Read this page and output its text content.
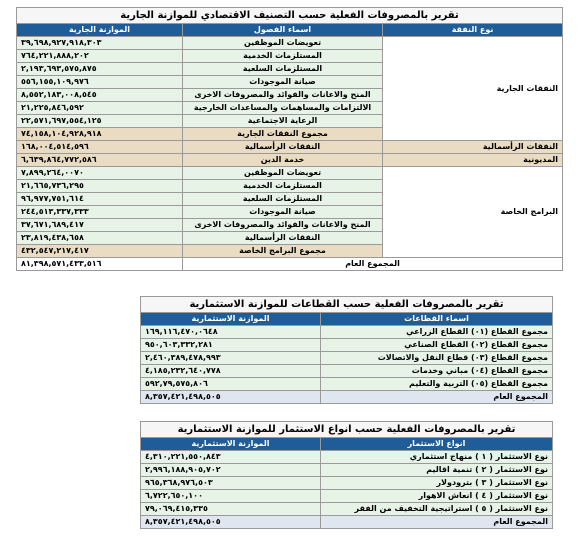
تقرير بالمصروفات الفعلية حسب التصنيف الاقتصادي للموازنة الجارية		
نوع النفقة	اسماء الفصول	الموازنة الجارية
النفقات الجارية	تعويضات الموظفين	٣٩,٦٩٨,٩٢٧,٩١٨,٣٠٣
	المستلزمات الخدمية	٧٦٤,٢٢١,٨٨٨,٢٠٢
	المستلزمات السلعية	٢,١٩٣,٦٩٣,٥٧٥,٨٧٥
	صيانة الموجودات	٥٥٦,١٥٥,١٠٩,٩٧٦
	المنح والاعانات والفوائد والمصروفات الاخرى	٨,٥٥٢,١٨٣,٠٠٨,٥٤٥
	الالتزامات والمساهمات والمساعدات الخارجية	٢١,٢٢٥,٨٤٦,٥٩٢
	الرعاية الاجتماعية	٢٢,٥٧١,٦٩٧,٥٥٤,١٢٥
	مجموع النفقات الجارية	٧٤,١٥٨,١٠٤,٩٢٨,٩١٨
النفقات الرأسمالية	النفقات الرأسمالية	١٦٨,٠٠٤,٥١٤,٥٩٦
المديونية	خدمة الدين	٦,٦٣٩,٨٦٤,٧٧٢,٥٨٦
البرامج الخاصة	تعويضات الموظفين	٧,٨٩٩,٢٦٤,٠٠٧٠
	المستلزمات الخدمية	٢١,٦٦٥,٧٣٦,٢٩٥
	المستلزمات السلعية	٩٦,٩٧٧,٧٥١,٦١٤
	صيانة الموجودات	٢٤٤,٥١٣,٣٣٧,٣٣٣
	المنح والاعانات والفوائد والمصروفات الاخرى	٣٧,٦٧١,٦٨٩,٤١٧
	النفقات الرأسمالية	٢٣,٨١٩,٤٣٨,٦٥٨
	مجموع البرامج الخاصة	٤٣٢,٥٤٧,٢١٧,٤١٧
المجموع العام		٨١,٣٩٨,٥٧١,٤٣٣,٥١٦
تقرير بالمصروفات الفعلية حسب القطاعات للموازنة الاستثمارية	
اسماء القطاعات	الموازنة الاستثمارية
مجموع القطاع (٠١) القطاع الزراعي	١٦٩,١١٦,٤٧٠,٠٦٤٨
مجموع القطاع (٠٢) القطاع الصناعي	٩٥٠,٦٠٣,٣٣٢,٢٨١
مجموع القطاع (٠٣) قطاع النقل والاتصالات	٢,٤٦٠,٣٨٩,٤٧٨,٩٩٣
مجموع القطاع (٠٤) مباني وخدمات	٤,١٨٥,٢٣٢,٦٤٠,٧٧٨
مجموع القطاع (٠٥) التربية والتعليم	٥٩٢,٧٩,٥٧٥,٨٠٦
المجموع العام	٨,٣٥٧,٤٢١,٤٩٨,٥٠٥
تقرير بالمصروفات الفعلية حسب انواع الاستثمار للموازنة الاستثمارية	
انواع الاستثمار	الموازنة الاستثمارية
نوع الاستثمار ( ١ ) منهاج استثماري	٤,٣١٠,٢٢١,٥٥٠,٨٤٣
نوع الاستثمار ( ٢ ) تنمية اقاليم	٢,٩٩٦,١٨٨,٩٠٥,٧٠٢
نوع الاستثمار ( ٣ ) بترودولار	٩٦٥,٣٦٨,٩٧٦,٥٠٣
نوع الاستثمار ( ٤ ) انعاش الاهوار	٦,٧٢٢,٦٥٠,١٠٠
نوع الاستثمار ( ٥ ) استراتيجية التخفيف من الفقر	٧٩,٠٦٩,٤١٥,٣٣٥
المجموع العام	٨,٣٥٧,٤٢١,٤٩٨,٥٠٥
